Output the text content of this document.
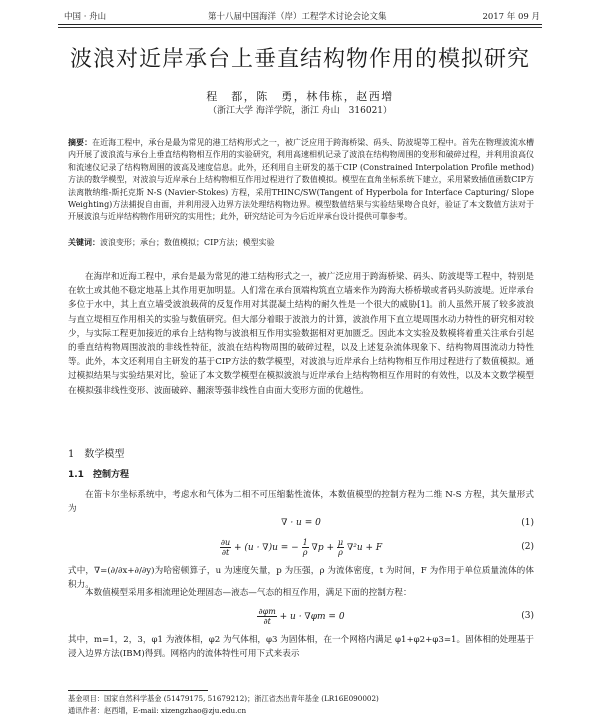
中国 · 舟山	第十八届中国海洋（岸）工程学术讨论会论文集	2017 年 09 月
波浪对近岸承台上垂直结构物作用的模拟研究
程　都，陈　勇，林伟栋，赵西增
（浙江大学 海洋学院，浙江 舟山　316021）
摘要：在近海工程中，承台是最为常见的港工结构形式之一，被广泛应用于跨海桥梁、码头、防波堤等工程中。首先在物理波流水槽内开展了波浪流与承台上垂直结构物相互作用的实验研究，利用高速相机记录了波浪在结构物周围的变形和破碎过程，并利用浪高仪和流速仪记录了结构物周围的波高及速度信息。此外，还利用自主研发的基于CIP (Constrained Interpolation Profile method)方法的数学模型，对波浪与近岸承台上结构物相互作用过程进行了数值模拟。模型在直角坐标系统下建立，采用紧致插值函数CIP方法离散纳维-斯托克斯 N-S (Navier-Stokes) 方程，采用THINC/SW(Tangent of Hyperbola for Interface Capturing/ Slope Weighting)方法捕捉自由面，并利用浸入边界方法处理结构物边界。模型数值结果与实验结果吻合良好，验证了本文数值方法对于开展波浪与近岸结构物作用研究的实用性；此外，研究结论可为今后近岸承台设计提供可靠参考。
关键词：波浪变形；承台；数值模拟；CIP方法；模型实验
在海岸和近海工程中，承台是最为常见的港工结构形式之一，被广泛应用于跨海桥梁、码头、防波堤等工程中，特别是在软土或其他不稳定地基上其作用更加明显。人们常在承台顶端构筑直立墙来作为跨海大桥桥墩或者码头防波堤。近岸承台多位于水中，其上直立墙受波浪载荷的反复作用对其混凝土结构的耐久性是一个很大的威胁[1]。前人虽然开展了较多波浪与直立堤相互作用相关的实验与数值研究。但大部分着眼于波浪力的计算，波浪作用下直立堤周围水动力特性的研究相对较少，与实际工程更加接近的承台上结构物与波浪相互作用实验数据相对更加匮乏。因此本文实验及数模将着重关注承台引起的垂直结构物周围波浪的非线性特征，波浪在结构物周围的破碎过程，以及上述复杂流体现象下、结构物周围流动力特性等。此外，本文还利用自主研发的基于CIP方法的数学模型，对波浪与近岸承台上结构物相互作用过程进行了数值模拟。通过模拟结果与实验结果对比，验证了本文数学模型在模拟波浪与近岸承台上结构物相互作用时的有效性，以及本文数学模型在模拟强非线性变形、波面破碎、翻滚等强非线性自由面大变形方面的优越性。
1　数学模型
1.1　控制方程
在笛卡尔坐标系统中，考虑水和气体为二相不可压缩黏性流体，本数值模型的控制方程为二维 N-S 方程，其矢量形式为
∇ · u = 0	(1)
$\frac{\partial u}{\partial t} + (u \cdot \nabla)u$ = − $\frac{1}{\rho} \nabla p + \frac{\mu}{\rho} \nabla^2u + F$	(2)
式中，∇=(∂/∂x+∂/∂y)为哈密顿算子，u 为速度矢量，p 为压强，ρ 为流体密度，t 为时间，F 为作用于单位质量流体的体积力。
本数值模型采用多相流理论处理固态—液态—气态的相互作用，满足下面的控制方程：
$\frac{\partial\varphi m}{\partial t} + u \cdot \nabla\varphi m = 0$	(3)
其中，m=1，2，3，φ1 为液体相，φ2 为气体相，φ3 为固体相，在一个网格内满足 φ1+φ2+φ3=1。固体相的处理基于浸入边界方法(IBM)得到。网格内的流体特性可用下式来表示
基金项目：国家自然科学基金 (51479175, 51679212)；浙江省杰出青年基金 (LR16E090002)
通讯作者：赵西增，E-mail: xizengzhao@zju.edu.cn
